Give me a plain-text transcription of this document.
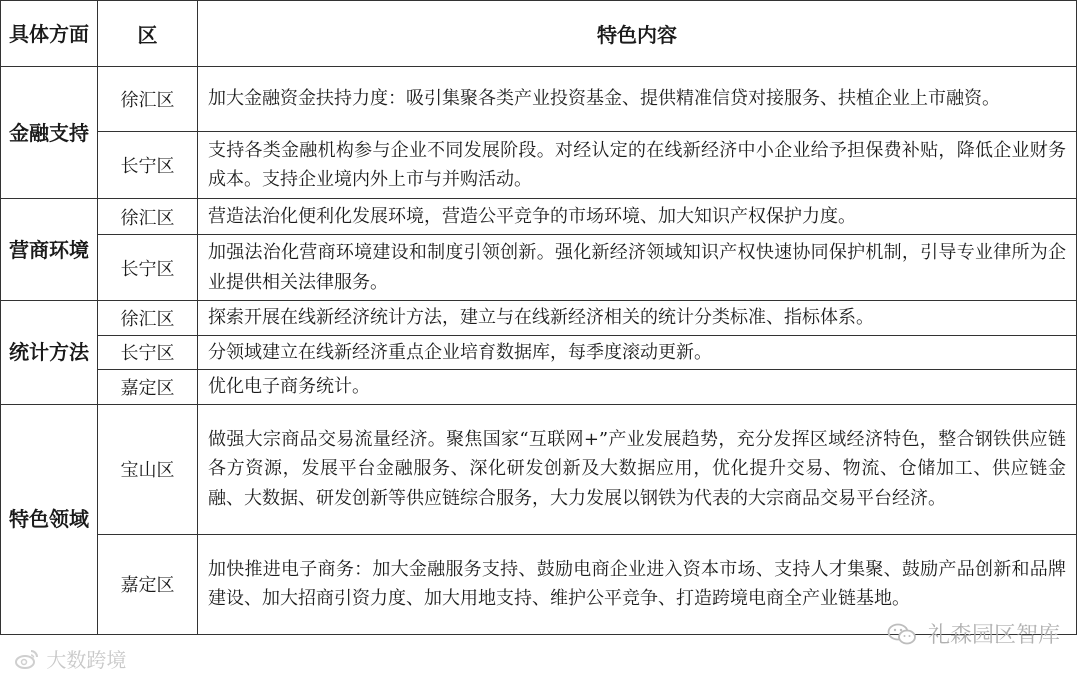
具体方面	区	特色内容
金融支持	徐汇区	加大金融资金扶持力度：吸引集聚各类产业投资基金、提供精准信贷对接服务、扶植企业上市融资。
	长宁区	支持各类金融机构参与企业不同发展阶段。对经认定的在线新经济中小企业给予担保费补贴，降低企业财务成本。支持企业境内外上市与并购活动。
营商环境	徐汇区	营造法治化便利化发展环境，营造公平竞争的市场环境、加大知识产权保护力度。
	长宁区	加强法治化营商环境建设和制度引领创新。强化新经济领域知识产权快速协同保护机制，引导专业律所为企业提供相关法律服务。
统计方法	徐汇区	探索开展在线新经济统计方法，建立与在线新经济相关的统计分类标准、指标体系。
	长宁区	分领域建立在线新经济重点企业培育数据库，每季度滚动更新。
	嘉定区	优化电子商务统计。
特色领域	宝山区	做强大宗商品交易流量经济。聚焦国家“互联网+”产业发展趋势，充分发挥区域经济特色，整合钢铁供应链各方资源，发展平台金融服务、深化研发创新及大数据应用，优化提升交易、物流、仓储加工、供应链金融、大数据、研发创新等供应链综合服务，大力发展以钢铁为代表的大宗商品交易平台经济。
	嘉定区	加快推进电子商务：加大金融服务支持、鼓励电商企业进入资本市场、支持人才集聚、鼓励产品创新和品牌建设、加大招商引资力度、加大用地支持、维护公平竞争、打造跨境电商全产业链基地。
大数跨境
礼森园区智库
